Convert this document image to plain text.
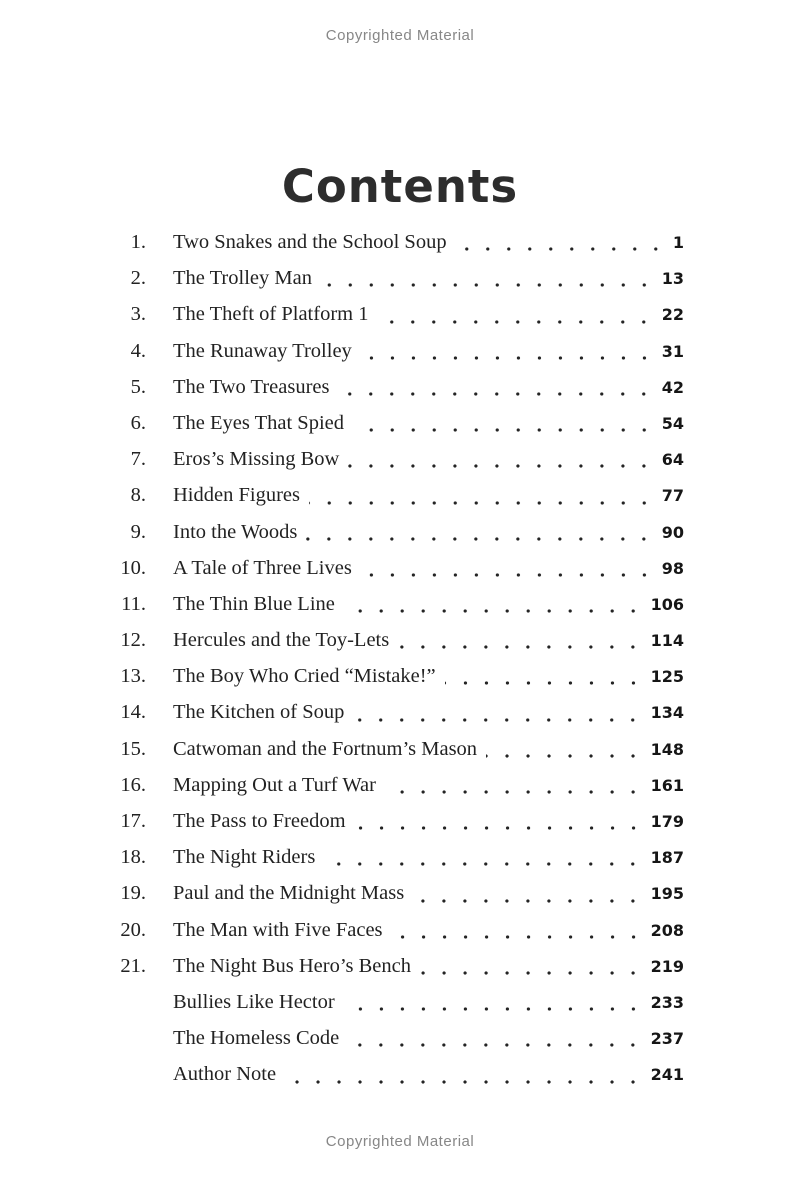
Copyrighted Material
Contents
1. Two Snakes and the School Soup	1
2. The Trolley Man	13
3. The Theft of Platform 1	22
4. The Runaway Trolley	31
5. The Two Treasures	42
6. The Eyes That Spied	54
7. Eros’s Missing Bow	64
8. Hidden Figures	77
9. Into the Woods	90
10. A Tale of Three Lives	98
11. The Thin Blue Line	106
12. Hercules and the Toy-Lets	114
13. The Boy Who Cried “Mistake!”	125
14. The Kitchen of Soup	134
15. Catwoman and the Fortnum’s Mason	148
16. Mapping Out a Turf War	161
17. The Pass to Freedom	179
18. The Night Riders	187
19. Paul and the Midnight Mass	195
20. The Man with Five Faces	208
21. The Night Bus Hero’s Bench	219
Bullies Like Hector	233
The Homeless Code	237
Author Note	241
Copyrighted Material
